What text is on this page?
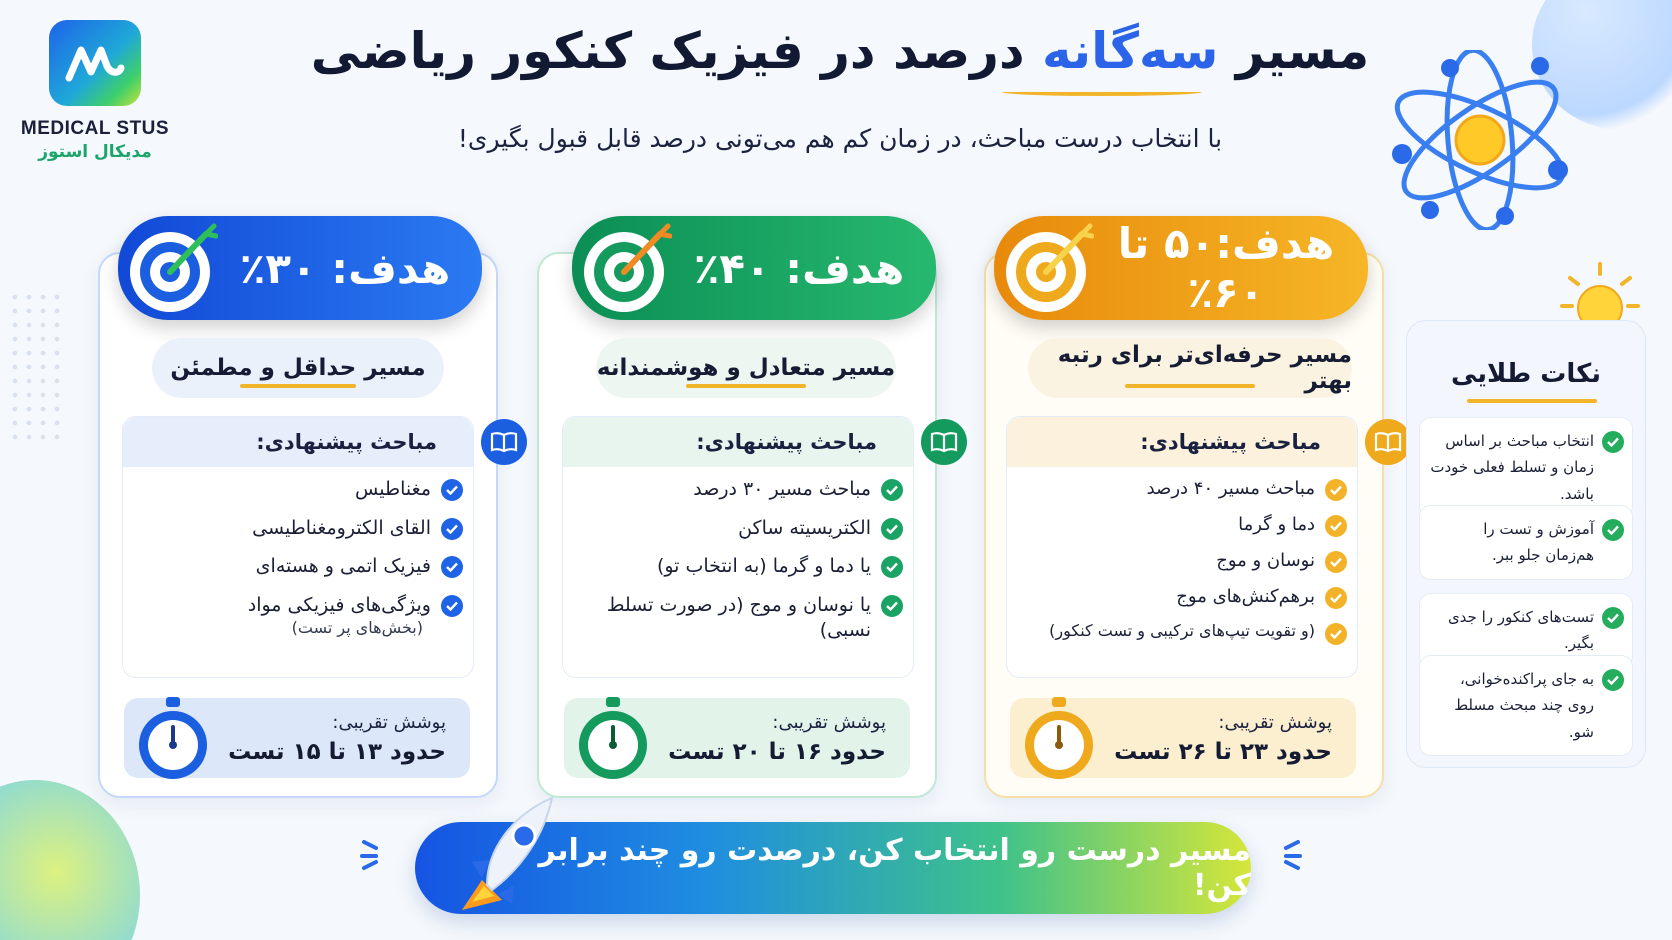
MEDICAL STUS
مدیکال استوز
مسیر سه‌گانه درصد در فیزیک کنکور ریاضی
با انتخاب درست مباحث، در زمان کم هم می‌تونی درصد قابل قبول بگیری!
هدف: ۳۰٪	هدف: ۴۰٪	هدف:۵۰ تا ۶۰٪
مسیر حداقل و مطمئن	مسیر متعادل و هوشمندانه	مسیر حرفه‌ای‌تر برای رتبه بهتر
مباحث پیشنهادی:
مغناطیس
القای الکترومغناطیسی
فیزیک اتمی و هسته‌ای
ویژگی‌های فیزیکی مواد
(بخش‌های پر تست)
مباحث پیشنهادی:
مباحث مسیر ۳۰ درصد
الکتریسیته ساکن
یا دما و گرما (به انتخاب تو)
یا نوسان و موج (در صورت تسلط نسبی)
مباحث پیشنهادی:
مباحث مسیر ۴۰ درصد
دما و گرما
نوسان و موج
برهم‌کنش‌های موج
(و تقویت تیپ‌های ترکیبی و تست کنکور)
پوشش تقریبی:
حدود ۱۳ تا ۱۵ تست
پوشش تقریبی:
حدود ۱۶ تا ۲۰ تست
پوشش تقریبی:
حدود ۲۳ تا ۲۶ تست
نکات طلایی
انتخاب مباحث بر اساس زمان و تسلط فعلی خودت باشد.
آموزش و تست را هم‌زمان جلو ببر.
تست‌های کنکور را جدی بگیر.
به جای پراکنده‌خوانی، روی چند مبحث مسلط شو.
مسیر درست رو انتخاب کن، درصدت رو چند برابر کن!
